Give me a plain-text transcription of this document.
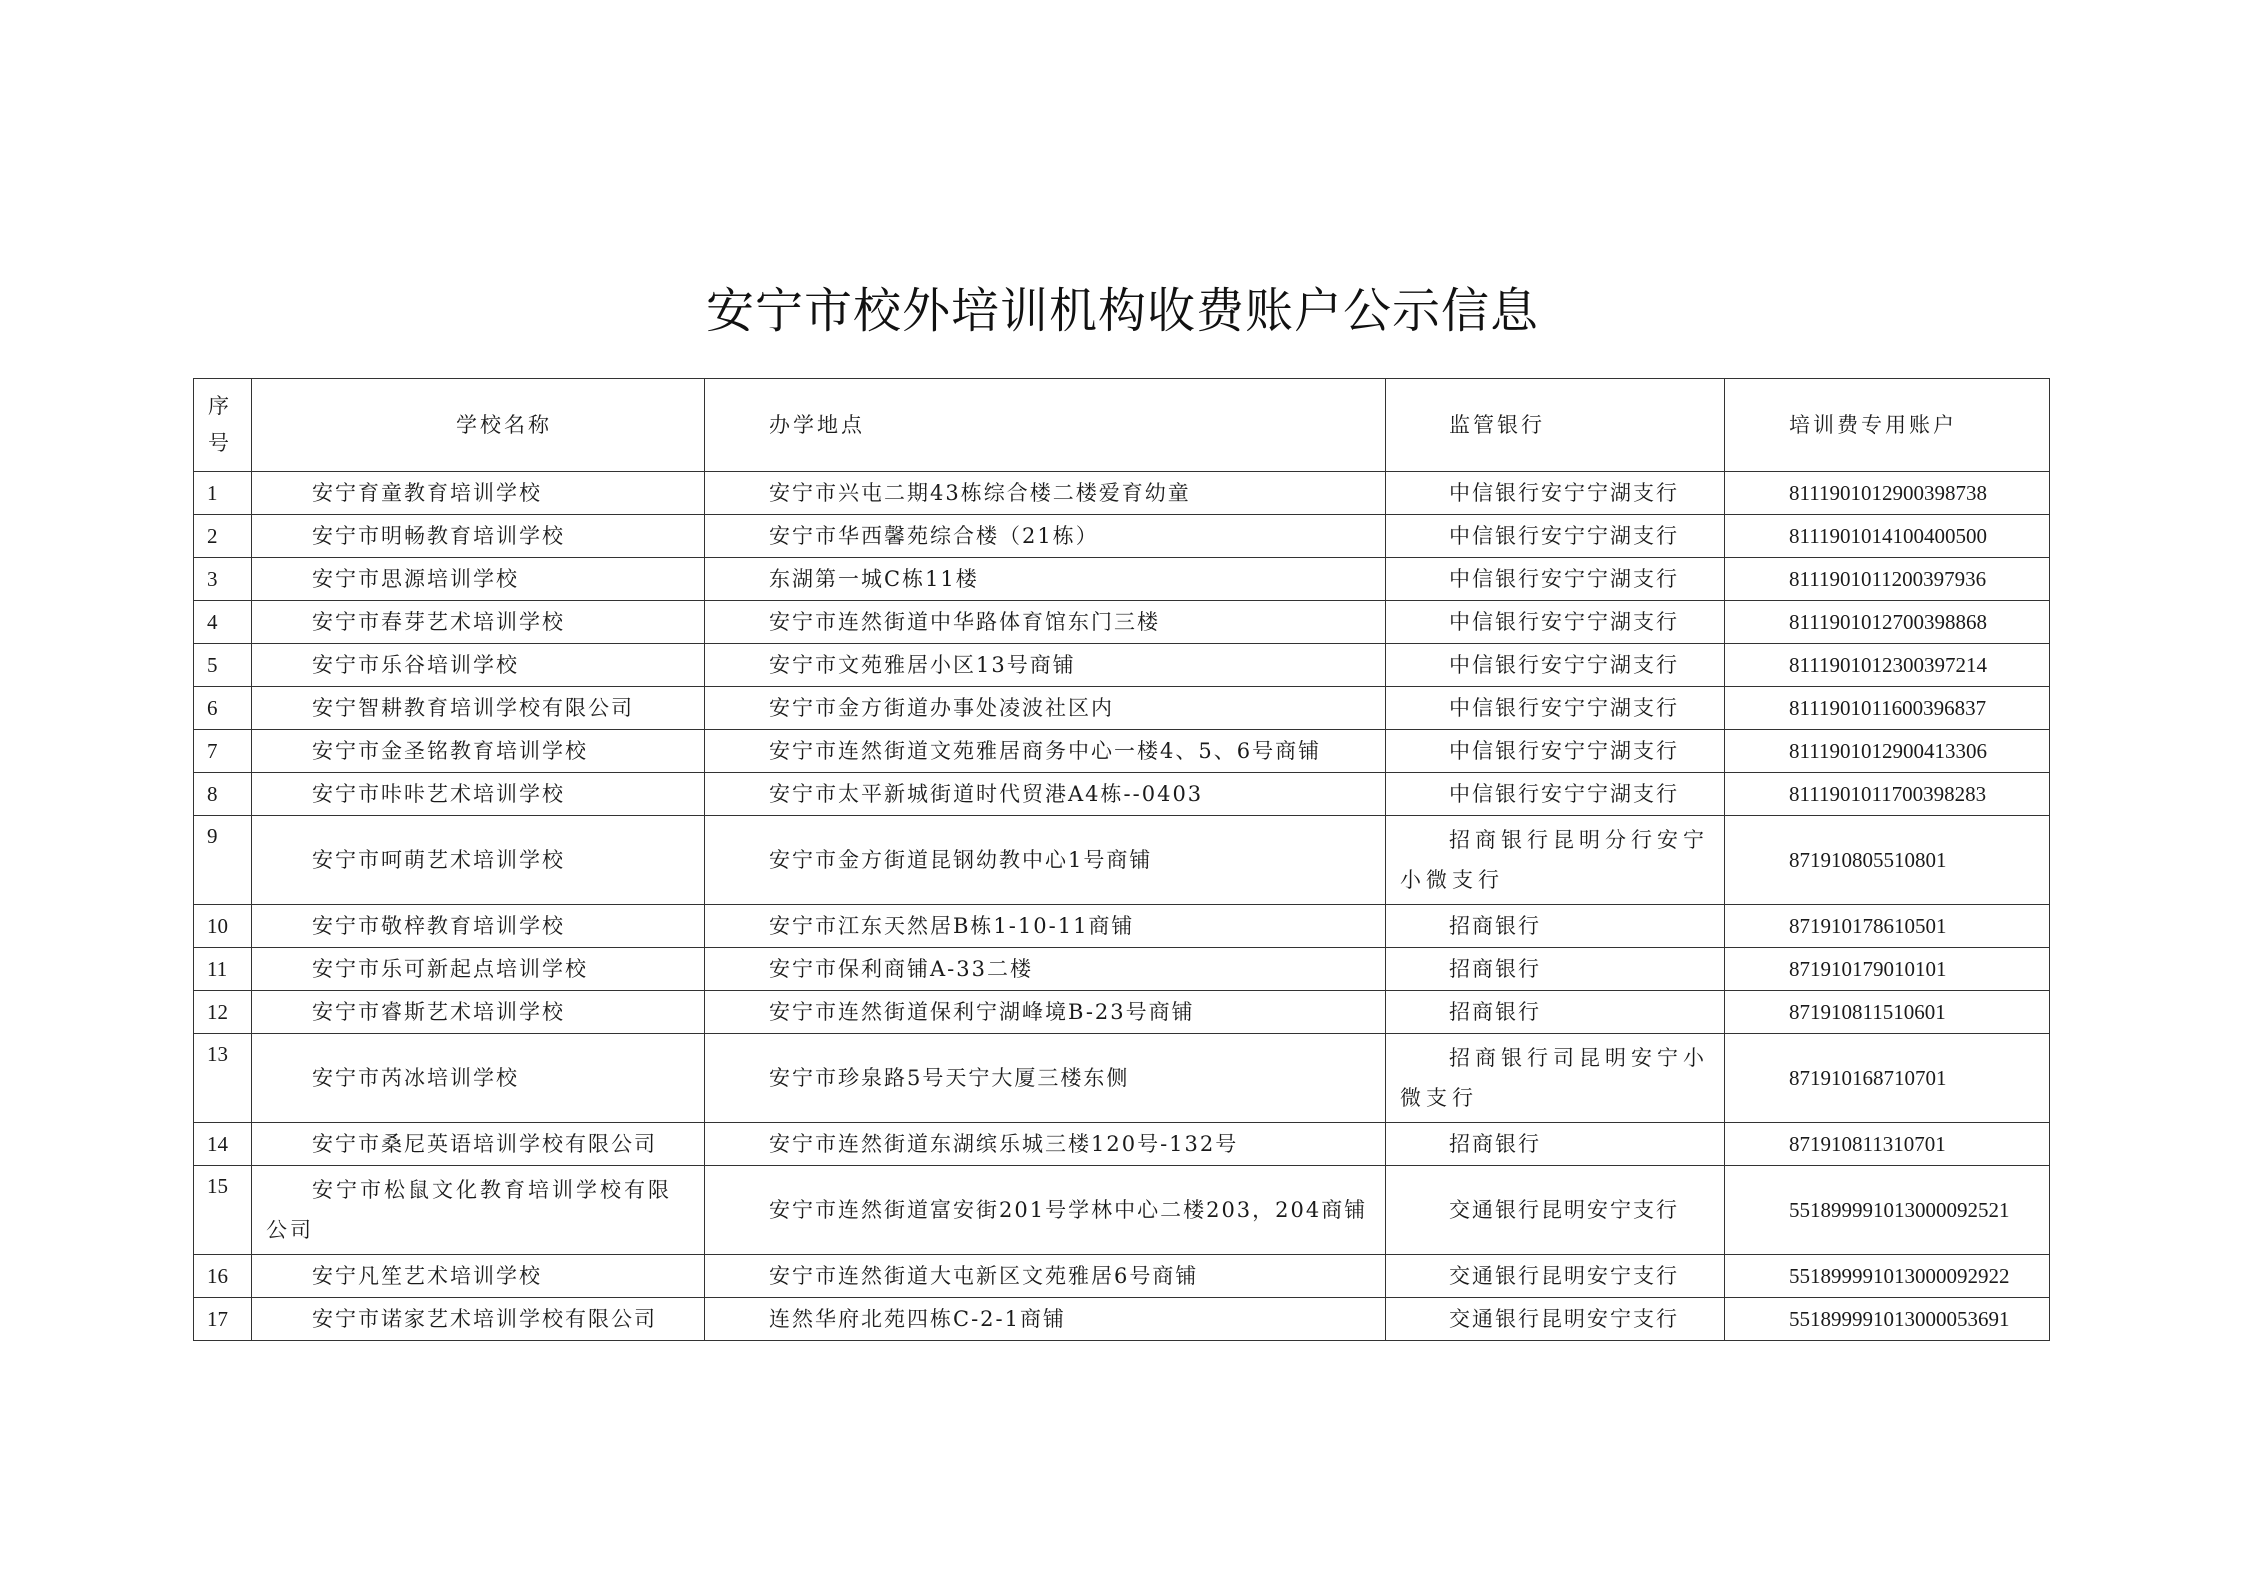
安宁市校外培训机构收费账户公示信息
序号	学校名称	办学地点	监管银行	培训费专用账户
1	安宁育童教育培训学校	安宁市兴屯二期43栋综合楼二楼爱育幼童	中信银行安宁宁湖支行	8111901012900398738
2	安宁市明畅教育培训学校	安宁市华西馨苑综合楼（21栋）	中信银行安宁宁湖支行	8111901014100400500
3	安宁市思源培训学校	东湖第一城C栋11楼	中信银行安宁宁湖支行	8111901011200397936
4	安宁市春芽艺术培训学校	安宁市连然街道中华路体育馆东门三楼	中信银行安宁宁湖支行	8111901012700398868
5	安宁市乐谷培训学校	安宁市文苑雅居小区13号商铺	中信银行安宁宁湖支行	8111901012300397214
6	安宁智耕教育培训学校有限公司	安宁市金方街道办事处凌波社区内	中信银行安宁宁湖支行	8111901011600396837
7	安宁市金圣铭教育培训学校	安宁市连然街道文苑雅居商务中心一楼4、5、6号商铺	中信银行安宁宁湖支行	8111901012900413306
8	安宁市咔咔艺术培训学校	安宁市太平新城街道时代贸港A4栋--0403	中信银行安宁宁湖支行	8111901011700398283
9	安宁市呵萌艺术培训学校	安宁市金方街道昆钢幼教中心1号商铺	招商银行昆明分行安宁小微支行	871910805510801
10	安宁市敬梓教育培训学校	安宁市江东天然居B栋1-10-11商铺	招商银行	871910178610501
11	安宁市乐可新起点培训学校	安宁市保利商铺A-33二楼	招商银行	871910179010101
12	安宁市睿斯艺术培训学校	安宁市连然街道保利宁湖峰境B-23号商铺	招商银行	871910811510601
13	安宁市芮冰培训学校	安宁市珍泉路5号天宁大厦三楼东侧	招商银行司昆明安宁小微支行	871910168710701
14	安宁市桑尼英语培训学校有限公司	安宁市连然街道东湖缤乐城三楼120号-132号	招商银行	871910811310701
15	安宁市松鼠文化教育培训学校有限公司	安宁市连然街道富安街201号学林中心二楼203，204商铺	交通银行昆明安宁支行	5518999910130000925​21
16	安宁凡笙艺术培训学校	安宁市连然街道大屯新区文苑雅居6号商铺	交通银行昆明安宁支行	551899991013000092922
17	安宁市诺家艺术培训学校有限公司	连然华府北苑四栋C-2-1商铺	交通银行昆明安宁支行	551899991013000053691
